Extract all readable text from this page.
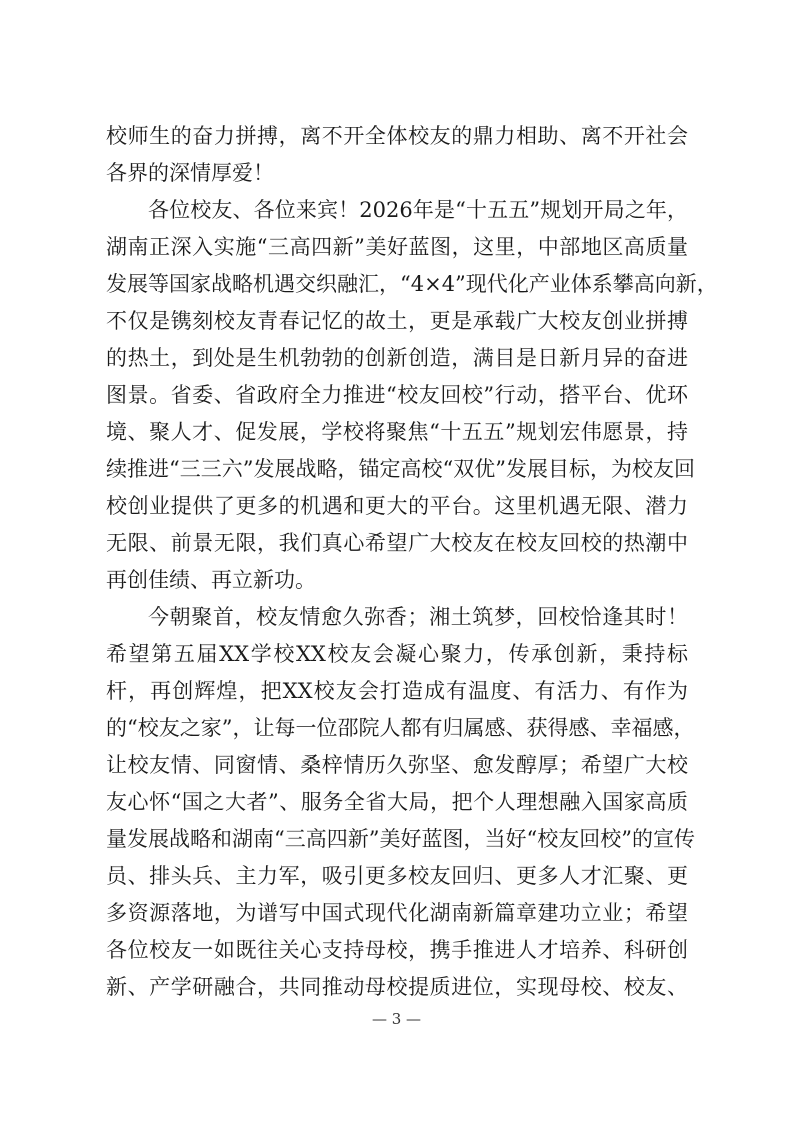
校师生的奋力拼搏，离不开全体校友的鼎力相助、离不开社会
各界的深情厚爱！
各位校友、各位来宾！2026年是“十五五”规划开局之年，
湖南正深入实施“三高四新”美好蓝图，这里，中部地区高质量
发展等国家战略机遇交织融汇，“4×4”现代化产业体系攀高向新，
不仅是镌刻校友青春记忆的故土，更是承载广大校友创业拼搏
的热土，到处是生机勃勃的创新创造，满目是日新月异的奋进
图景。省委、省政府全力推进“校友回校”行动，搭平台、优环
境、聚人才、促发展，学校将聚焦“十五五”规划宏伟愿景，持
续推进“三三六”发展战略，锚定高校“双优”发展目标，为校友回
校创业提供了更多的机遇和更大的平台。这里机遇无限、潜力
无限、前景无限，我们真心希望广大校友在校友回校的热潮中
再创佳绩、再立新功。
今朝聚首，校友情愈久弥香；湘土筑梦，回校恰逢其时！
希望第五届XX学校XX校友会凝心聚力，传承创新，秉持标
杆，再创辉煌，把XX校友会打造成有温度、有活力、有作为
的“校友之家”，让每一位邵院人都有归属感、获得感、幸福感，
让校友情、同窗情、桑梓情历久弥坚、愈发醇厚；希望广大校
友心怀“国之大者”、服务全省大局，把个人理想融入国家高质
量发展战略和湖南“三高四新”美好蓝图，当好“校友回校”的宣传
员、排头兵、主力军，吸引更多校友回归、更多人才汇聚、更
多资源落地，为谱写中国式现代化湖南新篇章建功立业；希望
各位校友一如既往关心支持母校，携手推进人才培养、科研创
新、产学研融合，共同推动母校提质进位，实现母校、校友、
— 3 —
